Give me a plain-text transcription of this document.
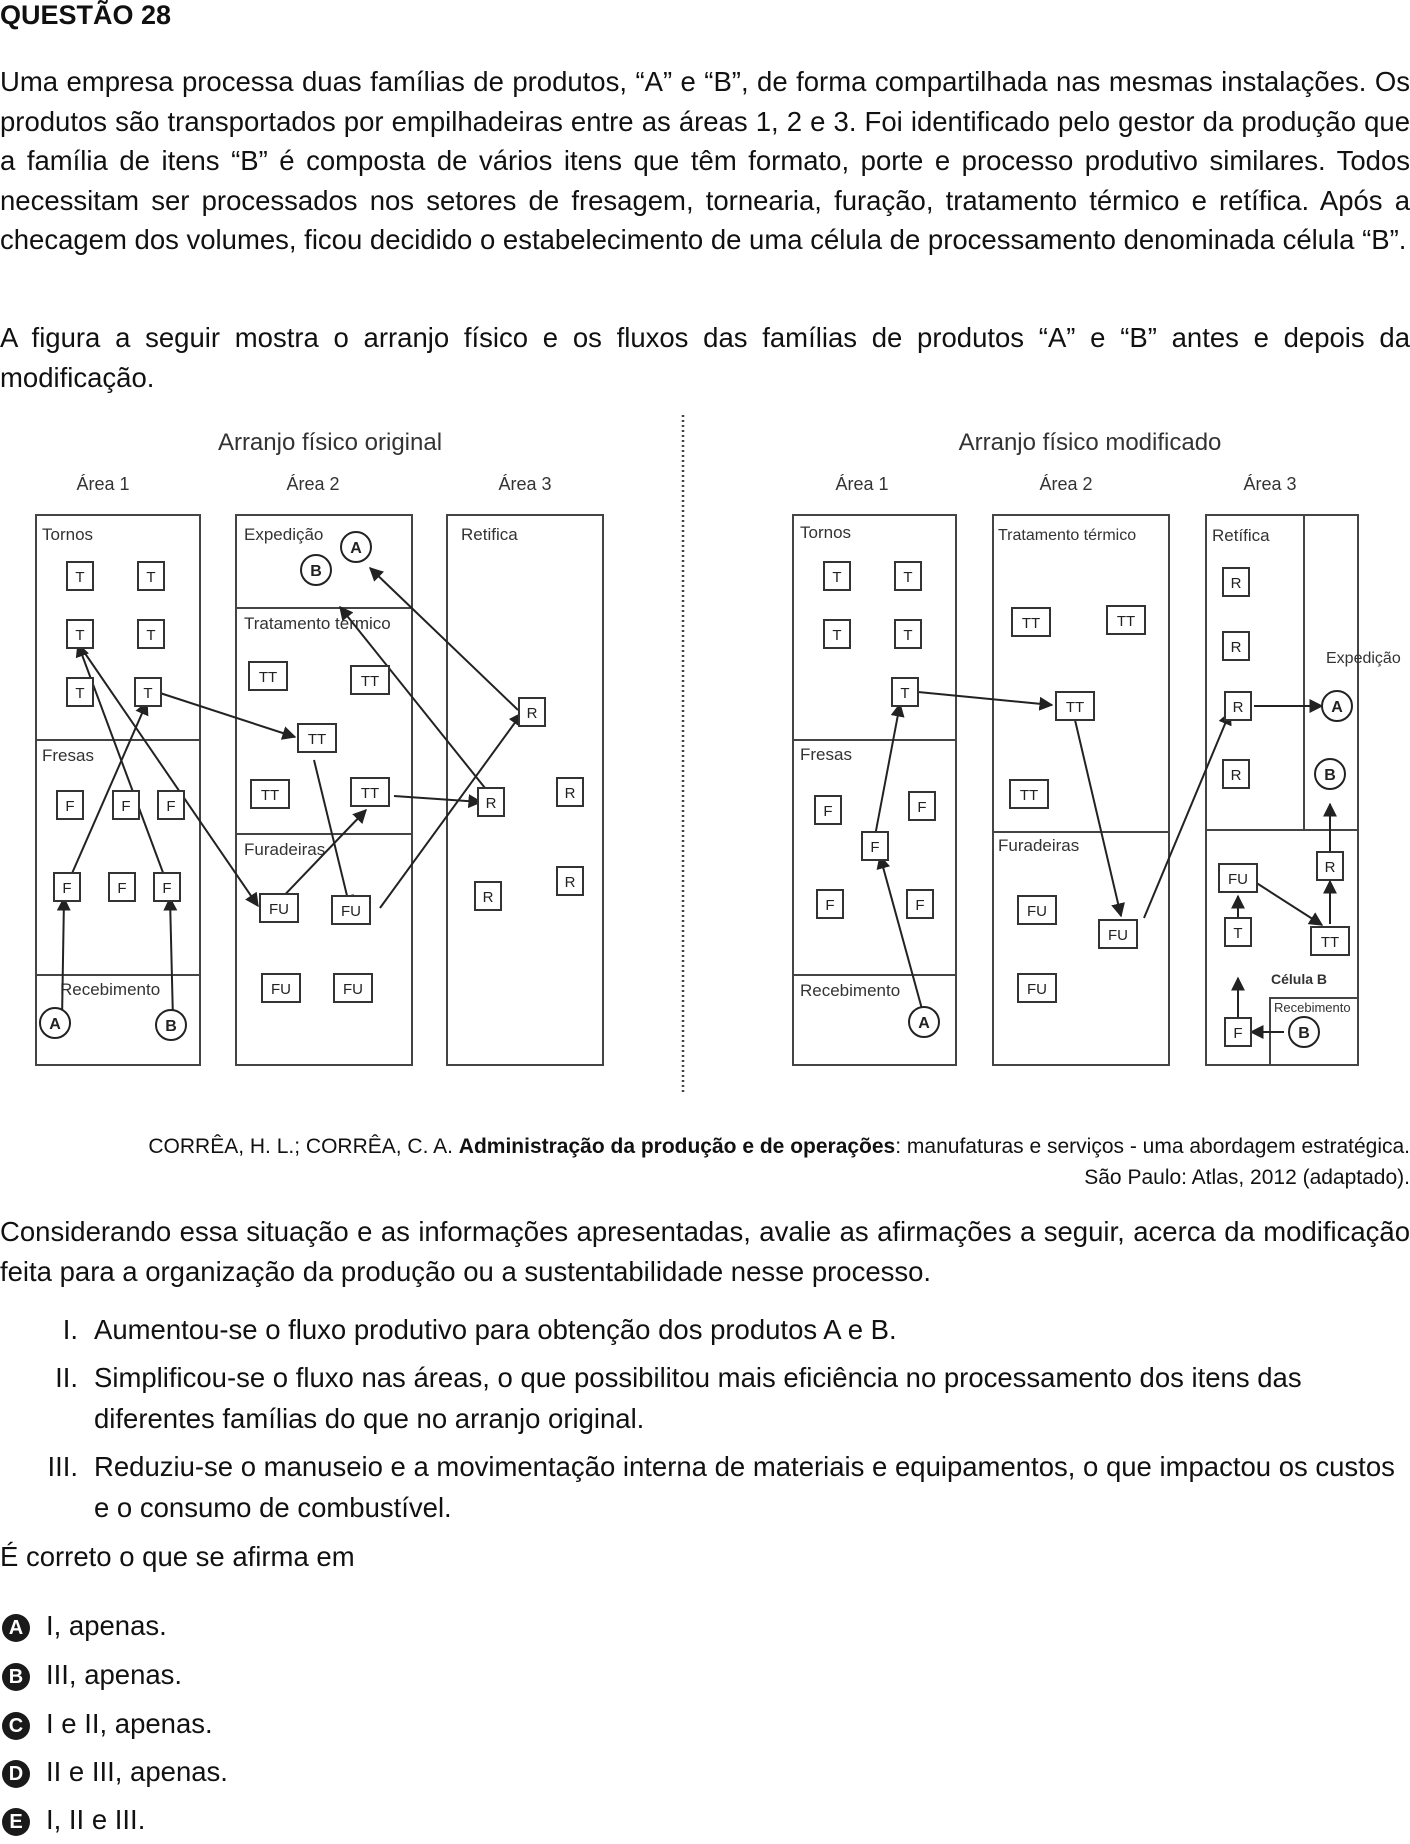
QUESTÃO 28

Uma empresa processa duas famílias de produtos, “A” e “B”, de forma compartilhada nas mesmas instalações. Os produtos são transportados por empilhadeiras entre as áreas 1, 2 e 3. Foi identificado pelo gestor da produção que a família de itens “B” é composta de vários itens que têm formato, porte e processo produtivo similares. Todos necessitam ser processados nos setores de fresagem, tornearia, furação, tratamento térmico e retífica. Após a checagem dos volumes, ficou decidido o estabelecimento de uma célula de processamento denominada célula “B”.

A figura a seguir mostra o arranjo físico e os fluxos das famílias de produtos “A” e “B” antes e depois da modificação.

Arranjo físico original	Arranjo físico modificado
Área 1	Área 2	Área 3	Área 1	Área 2	Área 3
Tornos
Fresas
Recebimento
Expedição
Tratamento térmico
Furadeiras
Retifica	Tornos
Fresas
Recebimento
Tratamento térmico
Furadeiras
Retífica
Expedição
Célula B
Recebimento
T	T
T	T
T	T
F	F F
F	F F
TT	TT
TT
TT	TT
FU	FU
FU	FU
R
R
R
R
R
A
B
A	B
T	T
T	T
T
F	F
F
F	F
TT	TT
TT
TT
FU
FU
FU
R
R
R
R
R
FU
T
TT
F
A
A
B
B
CORRÊA, H. L.; CORRÊA, C. A. Administração da produção e de operações: manufaturas e serviços - uma abordagem estratégica.
São Paulo: Atlas, 2012 (adaptado).

Considerando essa situação e as informações apresentadas, avalie as afirmações a seguir, acerca da modificação feita para a organização da produção ou a sustentabilidade nesse processo.

I. Aumentou-se o fluxo produtivo para obtenção dos produtos A e B.
II. Simplificou-se o fluxo nas áreas, o que possibilitou mais eficiência no processamento dos itens das diferentes famílias do que no arranjo original.
III. Reduziu-se o manuseio e a movimentação interna de materiais e equipamentos, o que impactou os custos e o consumo de combustível.
É correto o que se afirma em
A I, apenas.
B III, apenas.
C I e II, apenas.
D II e III, apenas.
E I, II e III.
